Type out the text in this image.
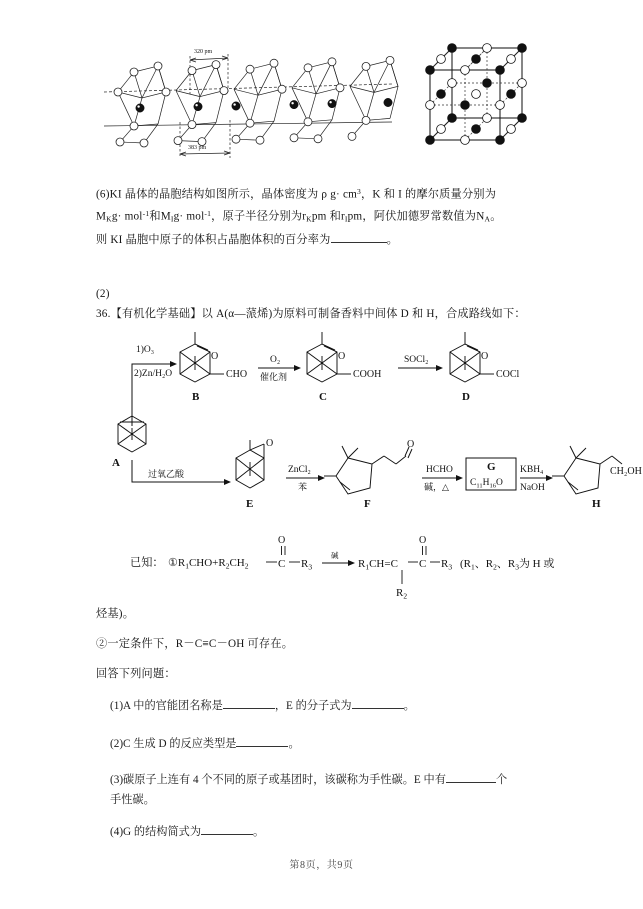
320 pm
383 pm
(6)KI 晶体的晶胞结构如图所示，晶体密度为 ρ $g\cdot cm^3$，K 和 I 的摩尔质量分别为
$M_Kg\cdot mol^{-1}$和$M_Ig\cdot mol^{-1}$，原子半径分别为$r_Kpm$ 和$r_Ipm$，阿伏加德罗常数值为$N_A$。
则 KI 晶胞中原子的体积占晶胞体积的百分率为	。
(2)
36.【有机化学基础】以 A(α—蒎烯)为原料可制备香料中间体 D 和 H，合成路线如下：
1)O₃
2)Zn/H₂O
O
CHO
B
O₂
催化剂
O
COOH
C
SOCl₂	O
COCl
D
A
过氧乙酸
O
E
ZnCl₂
苯
O
F
HCHO
碱，△
G
$C_{11}H_{16}O$
KBH₄
NaOH
CH₂OH
H
已知： $①R_1CHO+R_2CH_2$
O
C $R_3$
碱
$R_1CH=C$
O
C $R_3$
$R_2$
($R_1$、$R_2$、$R_3$为 H 或
烃基)。
②一定条件下，R－C≡C－OH 可存在。
回答下列问题：
(1)A 中的官能团名称是	，E 的分子式为	。
(2)C 生成 D 的反应类型是	。
(3)碳原子上连有 4 个不同的原子或基团时，该碳称为手性碳。E 中有	个
手性碳。
(4)G 的结构简式为	。
第8页，共9页
